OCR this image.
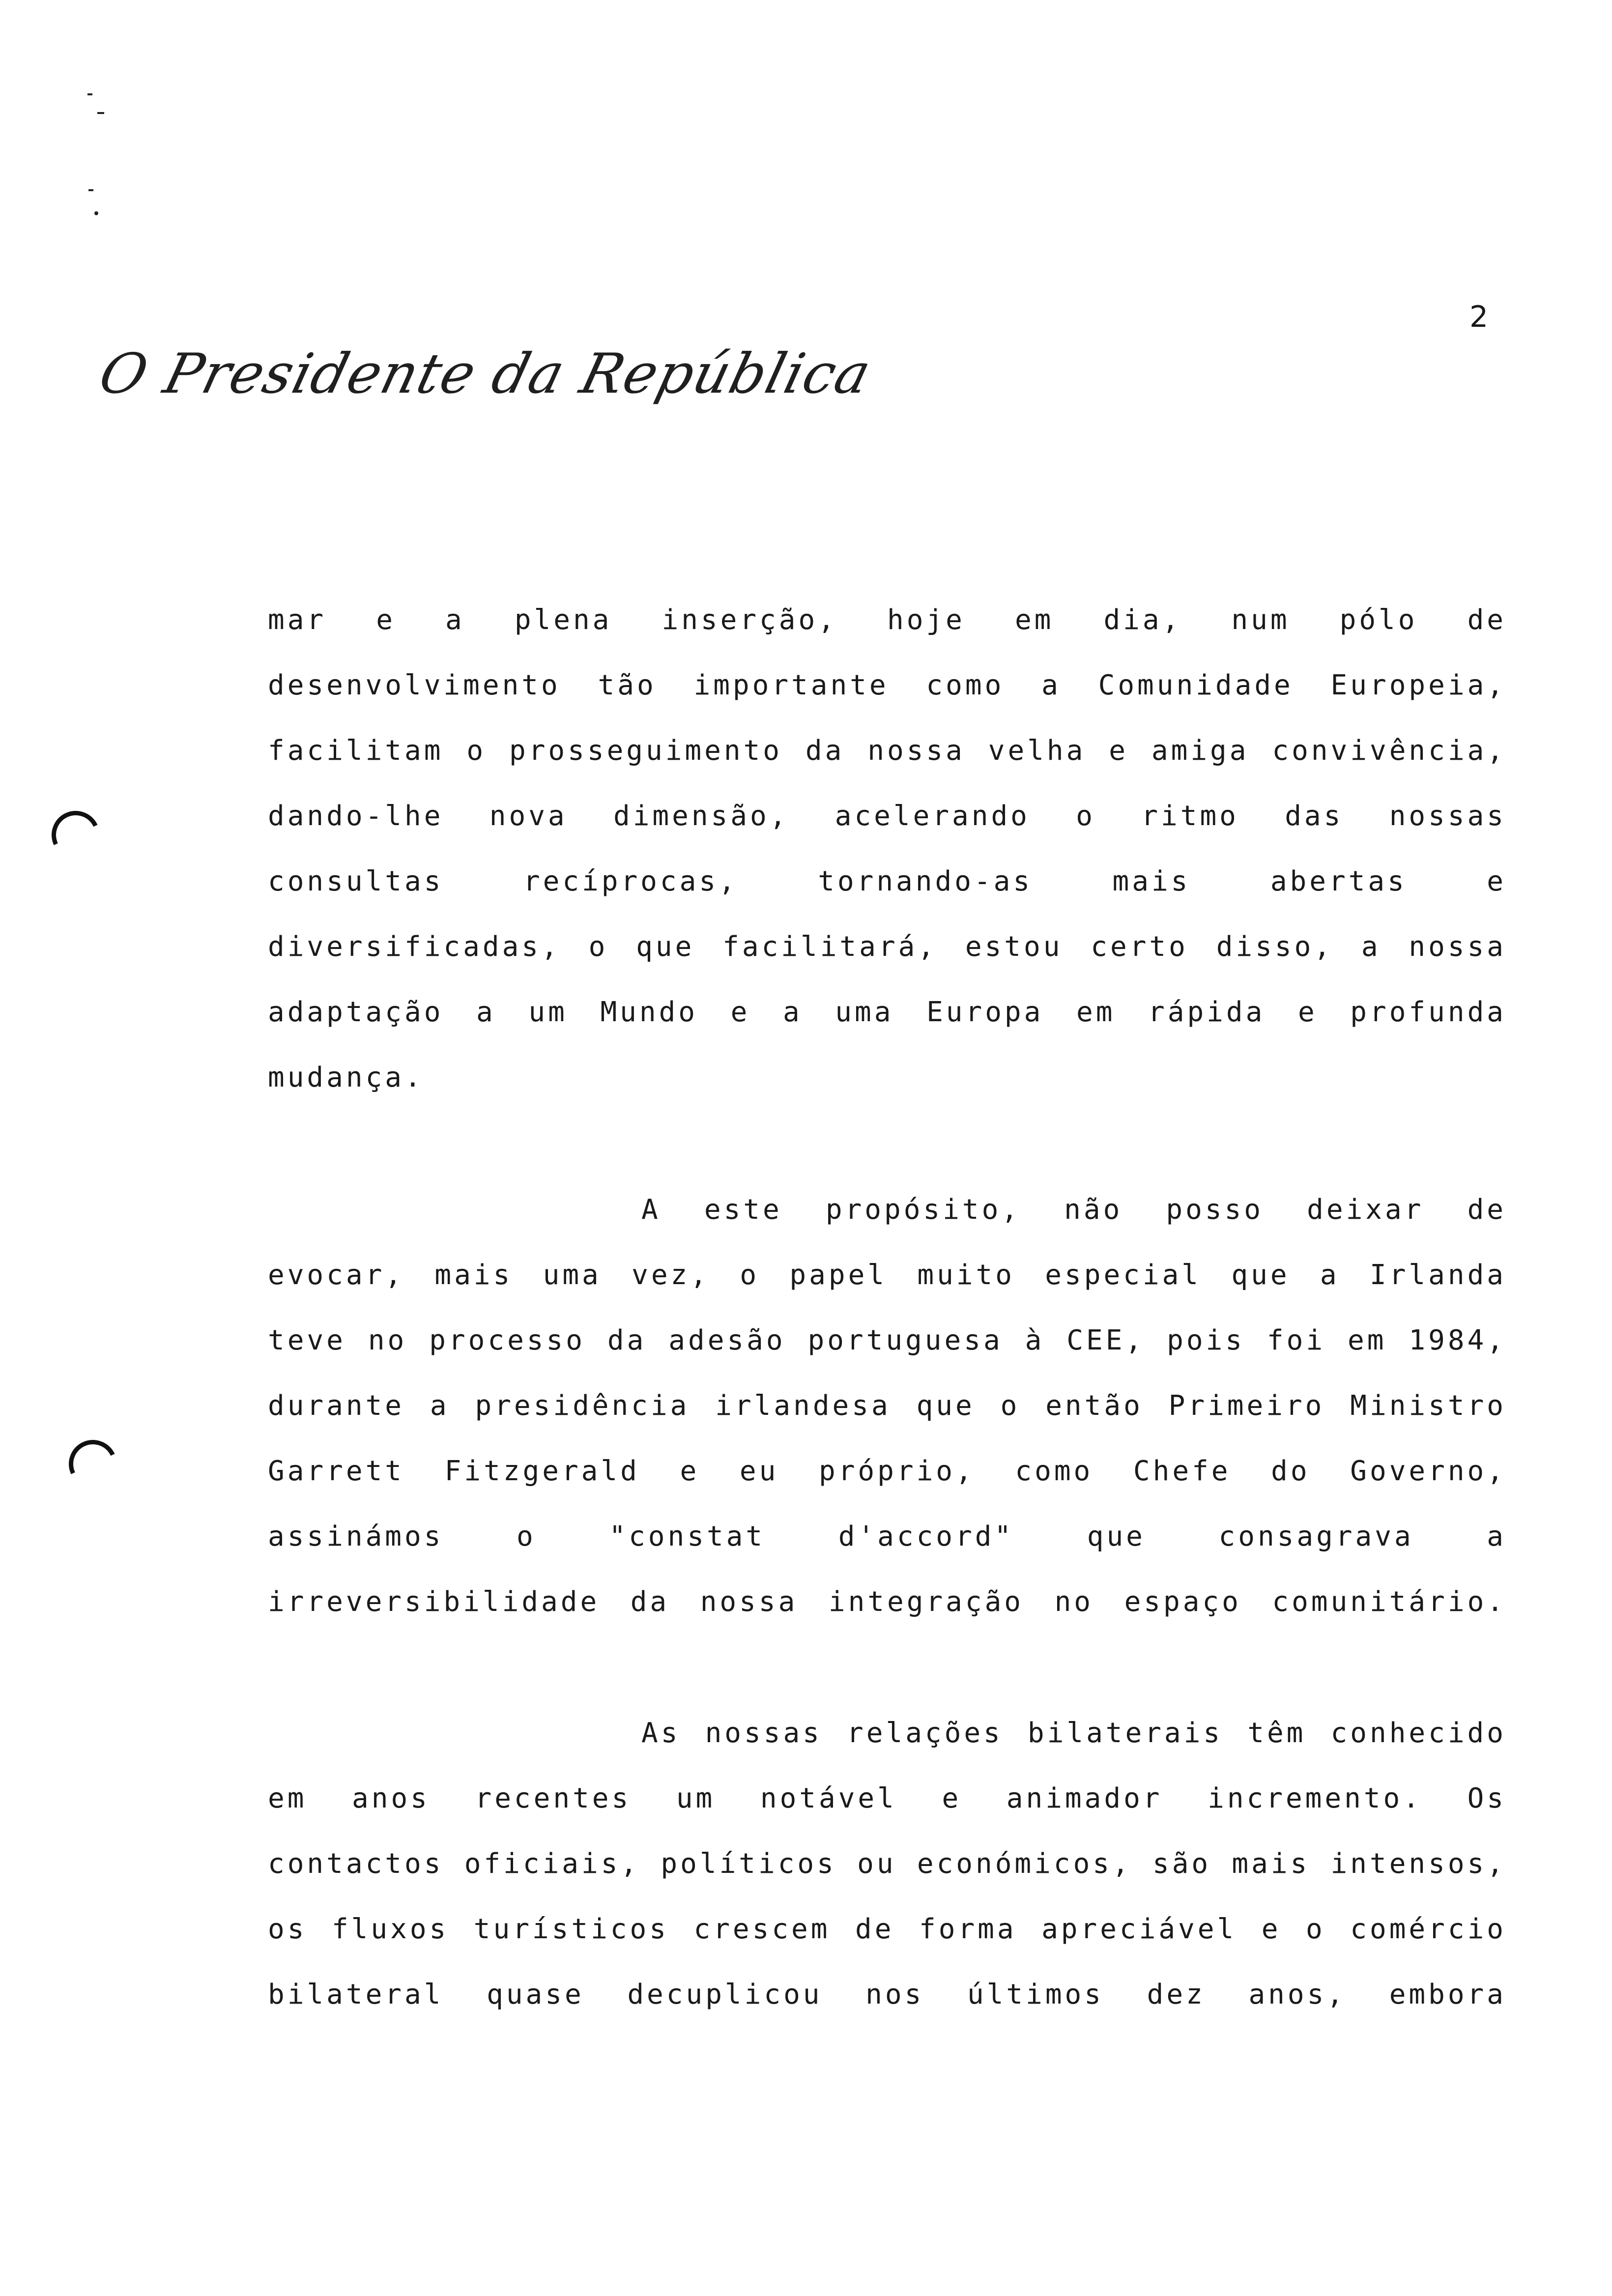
2
O Presidente da República
mar e a plena inserção, hoje em dia, num pólo de
desenvolvimento tão importante como a Comunidade Europeia,
facilitam o prosseguimento da nossa velha e amiga convivência,
dando-lhe nova dimensão, acelerando o ritmo das nossas
consultas recíprocas, tornando-as mais abertas e
diversificadas, o que facilitará, estou certo disso, a nossa
adaptação a um Mundo e a uma Europa em rápida e profunda
mudança.
A este propósito, não posso deixar de
evocar, mais uma vez, o papel muito especial que a Irlanda
teve no processo da adesão portuguesa à CEE, pois foi em 1984,
durante a presidência irlandesa que o então Primeiro Ministro
Garrett Fitzgerald e eu próprio, como Chefe do Governo,
assinámos o "constat d'accord" que consagrava a
irreversibilidade da nossa integração no espaço comunitário.
As nossas relações bilaterais têm conhecido
em anos recentes um notável e animador incremento. Os
contactos oficiais, políticos ou económicos, são mais intensos,
os fluxos turísticos crescem de forma apreciável e o comércio
bilateral quase decuplicou nos últimos dez anos, embora
